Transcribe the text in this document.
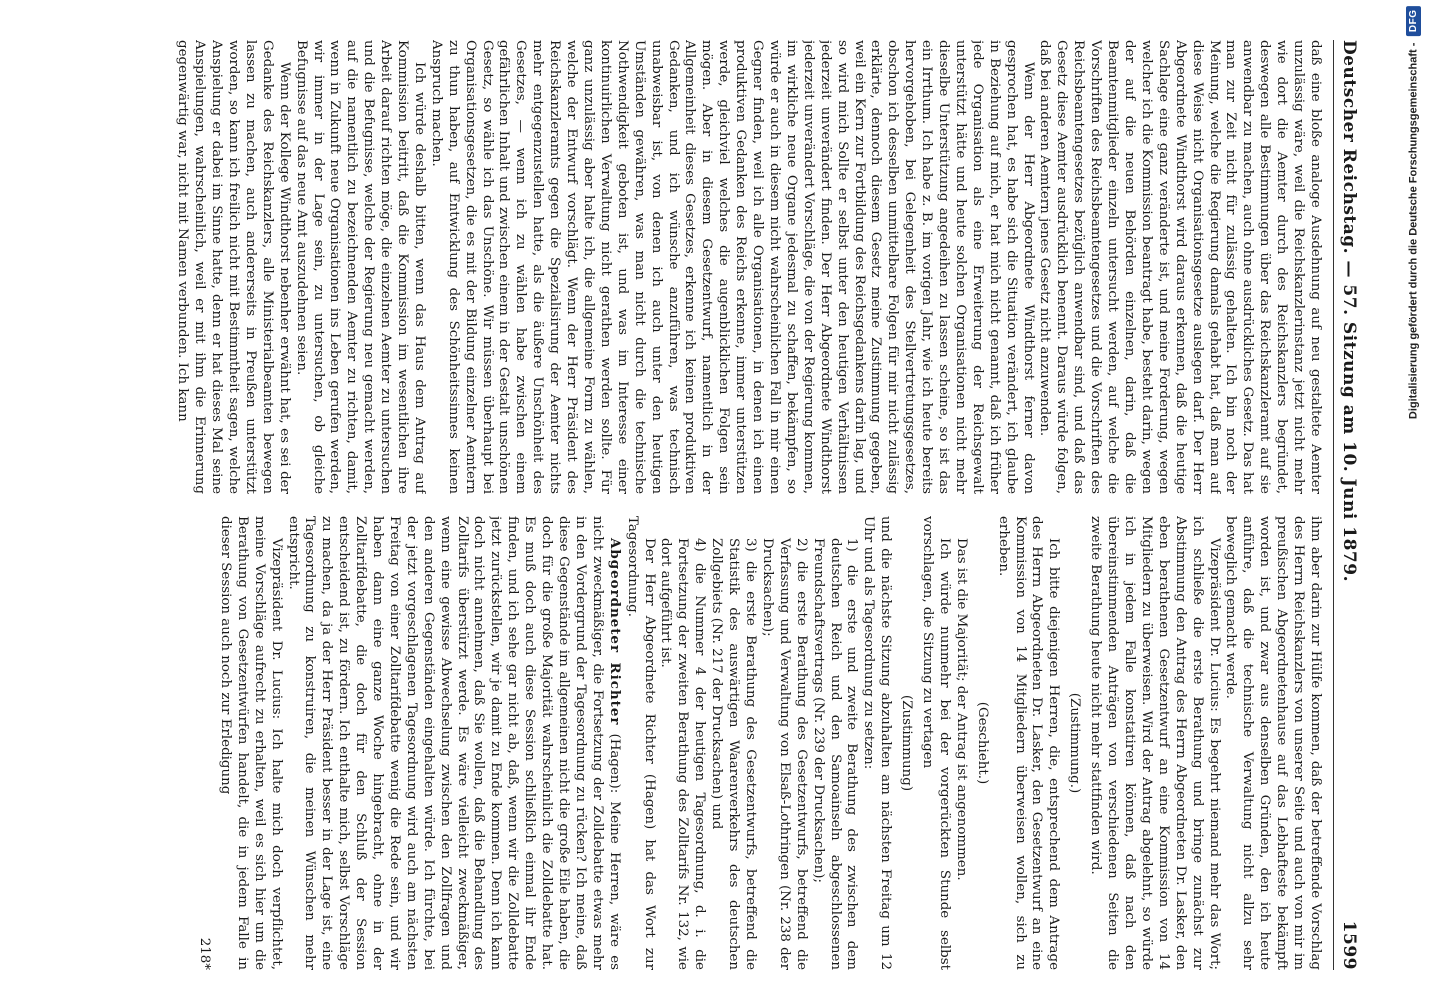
Deutscher Reichstag. — 57. Sitzung am 10. Juni 1879.
1599

daß eine bloße analoge Ausdehnung auf neu gestaltete Aemter unzulässig wäre, weil die Reichskanzlerinstanz jetzt nicht mehr wie dort die Aemter durch des Reichskanzlers begründet, deswegen alle Bestimmungen über das Reichskanzleramt auf sie anwendbar zu machen, auch ohne ausdrückliches Gesetz. Das hat man zur Zeit nicht für zulässig gehalten. Ich bin noch der Meinung, welche die Regierung damals gehabt hat, daß man auf diese Weise nicht Organisationsgesetze auslegen darf. Der Herr Abgeordnete Windthorst wird daraus erkennen, daß die heutige Sachlage eine ganz veränderte ist, und meine Forderung, wegen welcher ich die Kommission beantragt habe, besteht darin, wegen der auf die neuen Behörden einzelnen, darin, daß die Beamtenmitglieder einzeln untersucht werden, auf welche die Vorschriften des Reichsbeamtengesetzes und die Vorschriften des Reichsbeamtengesetzes bezüglich anwendbar sind, und daß das Gesetz diese Aemter ausdrücklich benennt. Daraus würde folgen, daß bei anderen Aemtern jenes Gesetz nicht anzuwenden.

Wenn der Herr Abgeordnete Windthorst ferner davon gesprochen hat, es habe sich die Situation verändert, ich glaube in Beziehung auf mich, er hat mich nicht genannt, daß ich früher jede Organisation als eine Erweiterung der Reichsgewalt unterstützt hätte und heute solchen Organisationen nicht mehr dieselbe Unterstützung angedeihen zu lassen scheine, so ist das ein Irrthum. Ich habe z. B. im vorigen Jahr, wie ich heute bereits hervorgehoben, bei Gelegenheit des Stellvertretungsgesetzes, obschon ich desselben unmittelbare Folgen für mir nicht zulässig erklärte, dennoch diesem Gesetz meine Zustimmung gegeben, weil ein Kern zur Fortbildung des Reichsgedankens darin lag, und so wird mich Sollte er selbst unter den heutigen Verhältnissen jederzeit unverändert finden. Der Herr Abgeordnete Windthorst jederzeit unverändert Vorschläge, die von der Regierung kommen, im wirkliche neue Organe jedesmal zu schaffen, bekämpfen, so würde er auch in diesem nicht wahrscheinlichen Fall in mir einen Gegner finden, weil ich alle Organisationen, in denen ich einen produktiven Gedanken des Reichs erkenne, immer unterstützen werde, gleichviel welches die augenblicklichen Folgen sein mögen. Aber in diesem Gesetzentwurf, namentlich in der Allgemeinheit dieses Gesetzes, erkenne ich keinen produktiven Gedanken, und ich wünsche anzuführen, was technisch unabweisbar ist, von denen ich auch unter den heutigen Umständen gewähren, was man nicht durch die technische Nothwendigkeit geboten ist, und was im Interesse einer kontinuirlichen Verwaltung nicht gerathen werden sollte. Für ganz unzulässig aber halte ich, die allgemeine Form zu wählen, welche der Entwurf vorschlägt. Wenn der Herr Präsident des Reichskanzleramts gegen die Spezialisirung der Aemter nichts mehr entgegenzustellen hatte, als die äußere Unschönheit des Gesetzes, — wenn ich zu wählen habe zwischen einem gefährlichen Inhalt und zwischen einem in der Gestalt unschönen Gesetz, so wähle ich das Unschöne. Wir müssen überhaupt bei Organisationsgesetzen, die es mit der Bildung einzelner Aemtern zu thun haben, auf Entwicklung des Schönheitssinnes keinen Anspruch machen.

Ich würde deshalb bitten, wenn das Haus dem Antrag auf Kommission beitritt, daß die Kommission im wesentlichen ihre Arbeit darauf richten möge, die einzelnen Aemter zu untersuchen und die Befugnisse, welche der Regierung neu gemacht werden, auf die namentlich zu bezeichnenden Aemter zu richten, damit, wenn in Zukunft neue Organisationen ins Leben gerufen werden, wir immer in der Lage sein, zu untersuchen, ob gleiche Befugnisse auf das neue Amt auszudehnen seien.

Wenn der Kollege Windthorst nebenher erwähnt hat, es sei der Gedanke des Reichskanzlers, alle Ministerialbeamten bewegen lassen zu machen, auch andererseits in Preußen unterstützt worden, so kann ich freilich nicht mit Bestimmtheit sagen, welche Anspielung er dabei im Sinne hatte, denn er hat dieses Mal seine Anspielungen, wahrscheinlich, weil er mit ihm die Erinnerung gegenwärtig war, nicht mit Namen verbunden. Ich kann

ihm aber darin zur Hülfe kommen, daß der betreffende Vorschlag des Herrn Reichskanzlers von unserer Seite und auch von mir im preußischen Abgeordnetenhause auf das Lebhafteste bekämpft worden ist, und zwar aus denselben Gründen, den ich heute anführe, daß die technische Verwaltung nicht allzu sehr beweglich gemacht werde.

Vizepräsident Dr. Lucius: Es begehrt niemand mehr das Wort; ich schließe die erste Berathung und bringe zunächst zur Abstimmung den Antrag des Herrn Abgeordneten Dr. Lasker, den eben berathenen Gesetzentwurf an eine Kommission von 14 Mitgliedern zu überweisen. Wird der Antrag abgelehnt, so würde ich in jedem Falle konstatiren können, daß nach den übereinstimmenden Anträgen von verschiedenen Seiten die zweite Berathung heute nicht mehr stattfinden wird.

(Zustimmung.)

Ich bitte diejenigen Herren, die, entsprechend dem Antrage des Herrn Abgeordneten Dr. Lasker, den Gesetzentwurf an eine Kommission von 14 Mitgliedern überweisen wollen, sich zu erheben.

(Geschieht.)

Das ist die Majorität; der Antrag ist angenommen.

Ich würde nunmehr bei der vorgerückten Stunde selbst vorschlagen, die Sitzung zu vertagen

(Zustimmung)

und die nächste Sitzung abzuhalten am nächsten Freitag um 12 Uhr und als Tagesordnung zu setzen:

1) die erste und zweite Berathung des zwischen dem deutschen Reich und den Samoainseln abgeschlossenen Freundschaftsvertrags (Nr. 239 der Drucksachen);

2) die erste Berathung des Gesetzentwurfs, betreffend die Verfassung und Verwaltung von Elsaß-Lothringen (Nr. 238 der Drucksachen);

3) die erste Berathung des Gesetzentwurfs, betreffend die Statistik des auswärtigen Waarenverkehrs des deutschen Zollgebiets (Nr. 217 der Drucksachen) und

4) die Nummer 4 der heutigen Tagesordnung, d. i. die Fortsetzung der zweiten Berathung des Zolltarifs Nr. 132, wie dort aufgeführt ist.

Der Herr Abgeordnete Richter (Hagen) hat das Wort zur Tagesordnung.

Abgeordneter Richter (Hagen): Meine Herren, wäre es nicht zweckmäßiger, die Fortsetzung der Zolldebatte etwas mehr in den Vordergrund der Tagesordnung zu rücken? Ich meine, daß diese Gegenstände im allgemeinen nicht die große Eile haben, die doch für die große Majorität wahrscheinlich die Zolldebatte hat. Es muß doch auch diese Session schließlich einmal ihr Ende finden, und ich sehe gar nicht ab, daß, wenn wir die Zolldebatte jetzt zurückstellen, wir je damit zu Ende kommen. Denn ich kann doch nicht annehmen, daß Sie wollen, daß die Behandlung des Zolltarifs überstürzt werde. Es wäre vielleicht zweckmäßiger, wenn eine gewisse Abwechselung zwischen den Zollfragen und den anderen Gegenständen eingehalten würde. Ich fürchte, bei der jetzt vorgeschlagenen Tagesordnung wird auch am nächsten Freitag von einer Zolltarifdebatte wenig die Rede sein, und wir haben dann eine ganze Woche hingebracht, ohne in der Zolltarifdebatte, die doch für den Schluß der Session entscheidend ist, zu fördern. Ich enthalte mich, selbst Vorschläge zu machen, da ja der Herr Präsident besser in der Lage ist, eine Tagesordnung zu konstruiren, die meinen Wünschen mehr entspricht.

Vizepräsident Dr. Lucius: Ich halte mich doch verpflichtet, meine Vorschläge aufrecht zu erhalten, weil es sich hier um die Berathung von Gesetzentwürfen handelt, die in jedem Falle in dieser Session auch noch zur Erledigung

218*

Digitalisierung gefördert durch die Deutsche Forschungsgemeinschaft -
DFG
